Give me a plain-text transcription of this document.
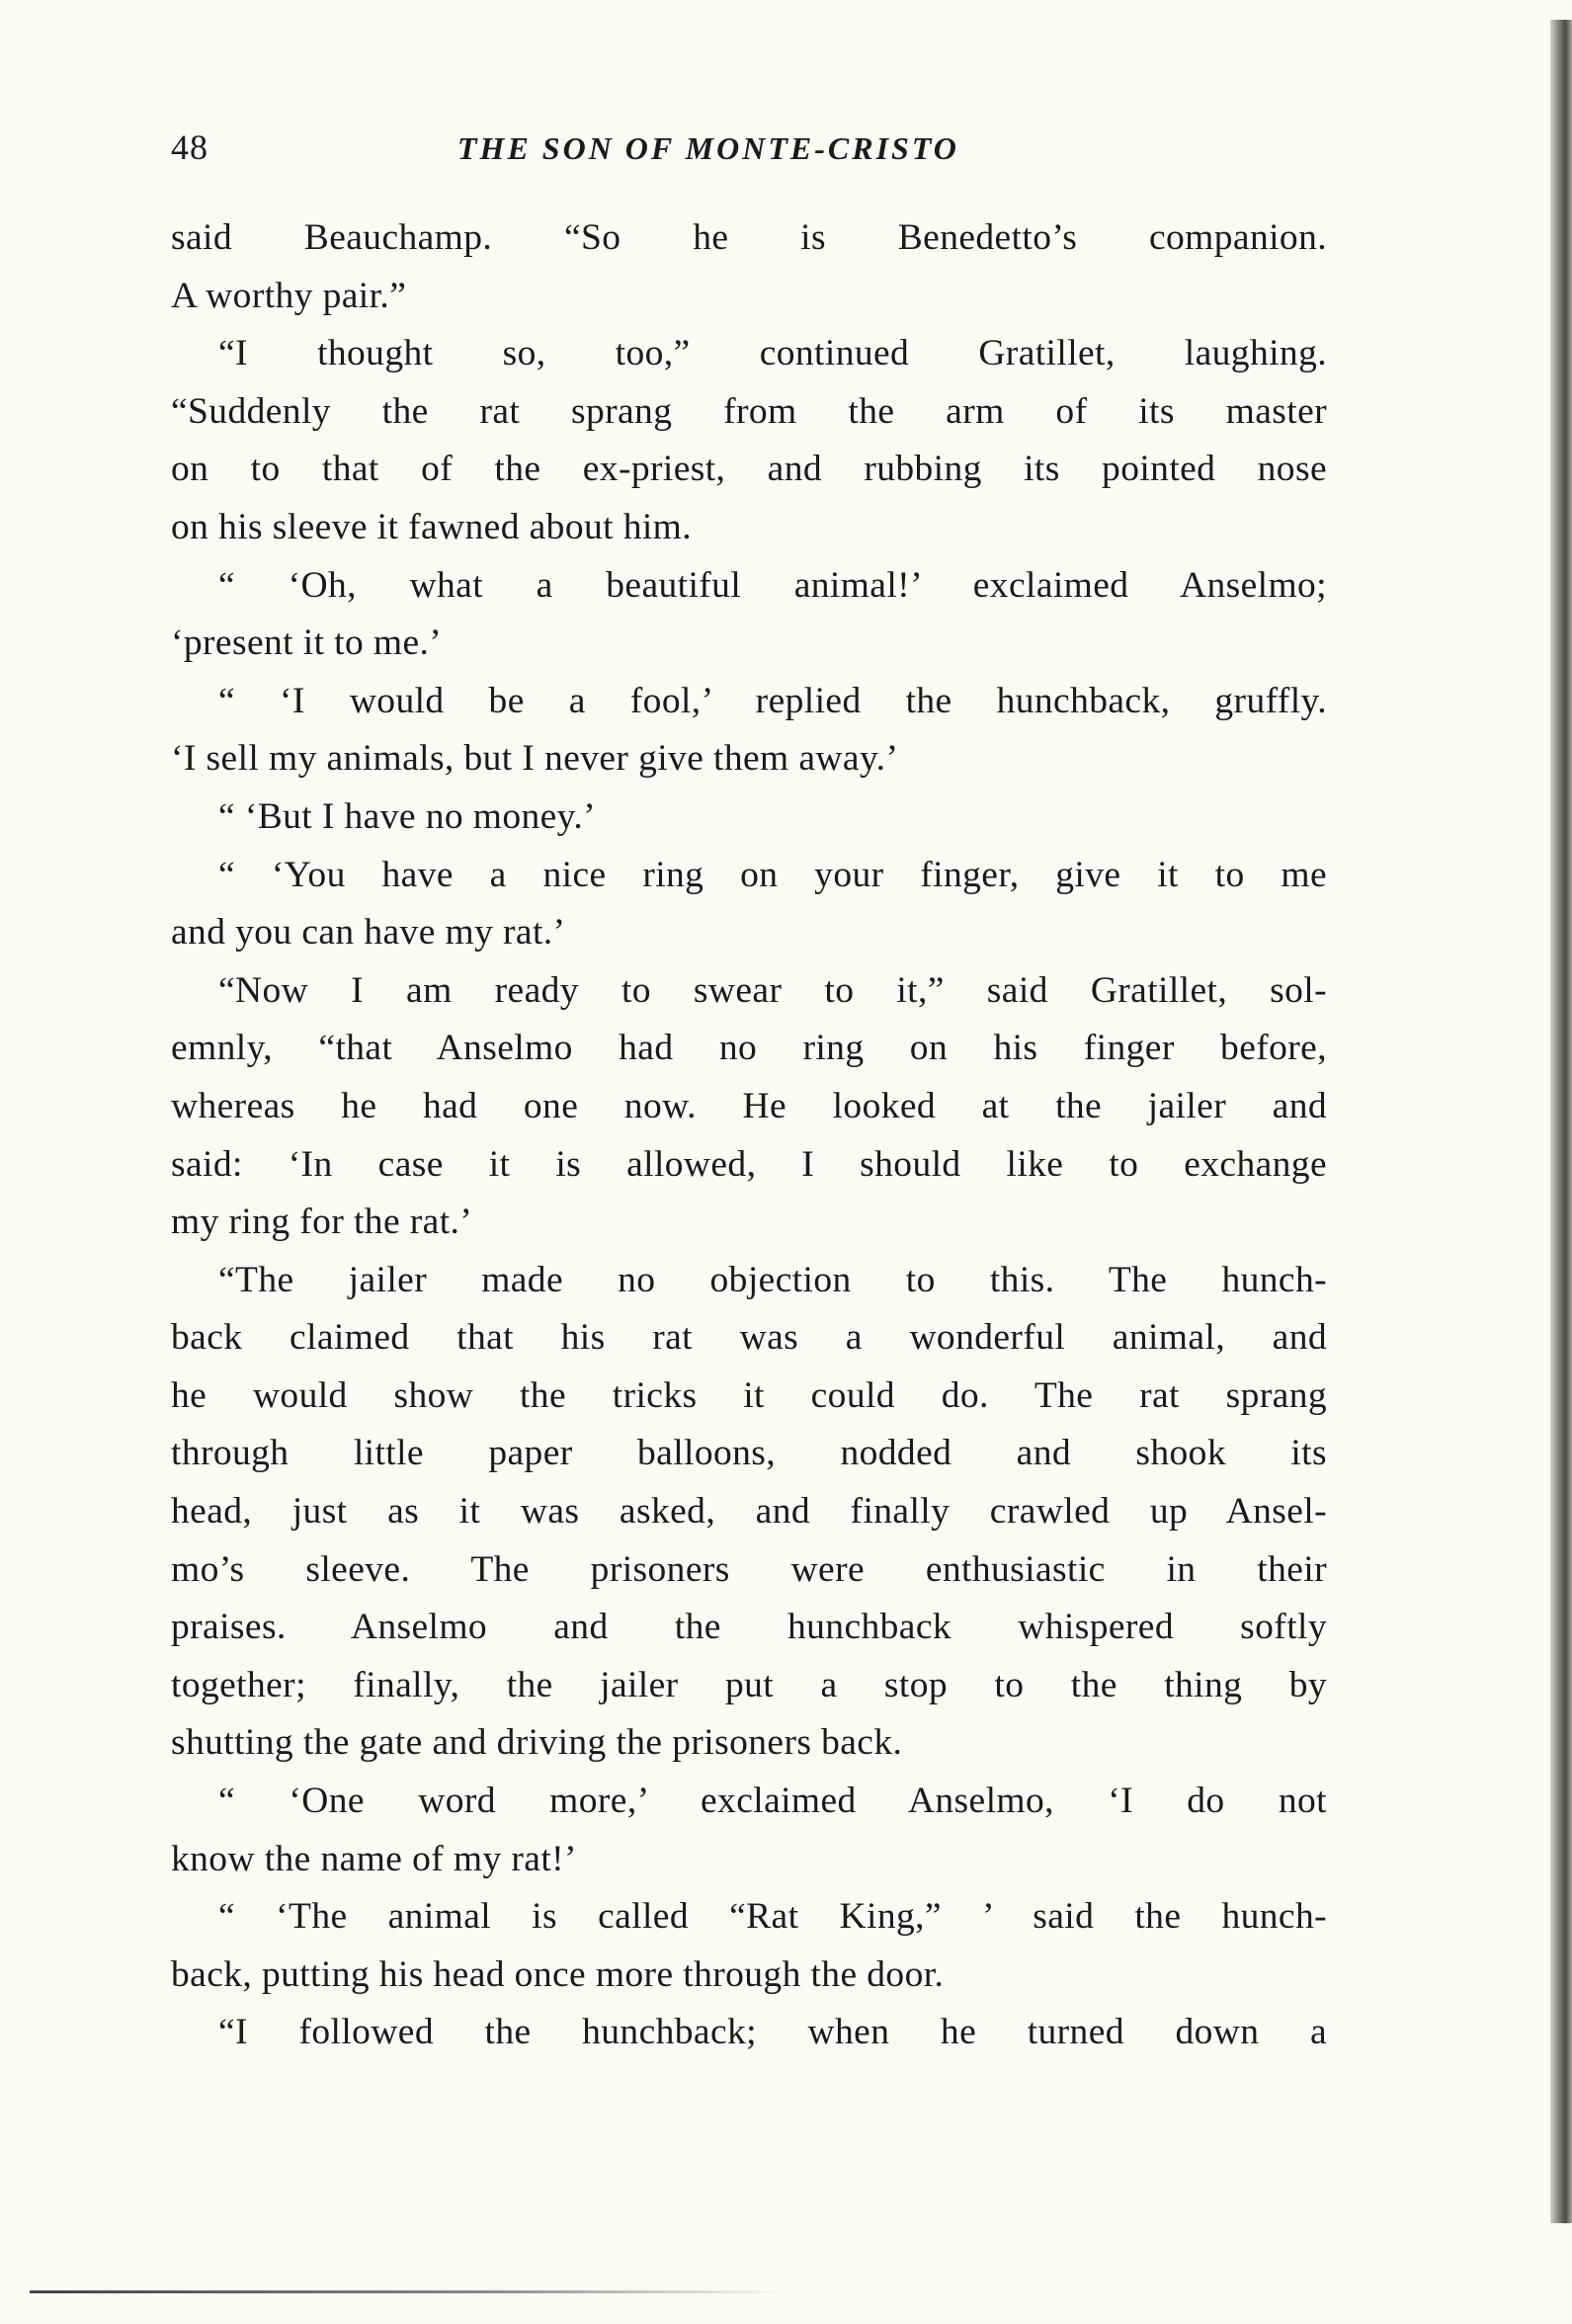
48	THE SON OF MONTE-CRISTO
said Beauchamp. “So he is Benedetto’s companion.
A worthy pair.”
“I thought so, too,” continued Gratillet, laughing.
“Suddenly the rat sprang from the arm of its master
on to that of the ex-priest, and rubbing its pointed nose
on his sleeve it fawned about him.
“ ‘Oh, what a beautiful animal!’ exclaimed Anselmo;
‘present it to me.’
“ ‘I would be a fool,’ replied the hunchback, gruffly.
‘I sell my animals, but I never give them away.’
“ ‘But I have no money.’
“ ‘You have a nice ring on your finger, give it to me
and you can have my rat.’
“Now I am ready to swear to it,” said Gratillet, sol-
emnly, “that Anselmo had no ring on his finger before,
whereas he had one now. He looked at the jailer and
said: ‘In case it is allowed, I should like to exchange
my ring for the rat.’
“The jailer made no objection to this. The hunch-
back claimed that his rat was a wonderful animal, and
he would show the tricks it could do. The rat sprang
through little paper balloons, nodded and shook its
head, just as it was asked, and finally crawled up Ansel-
mo’s sleeve. The prisoners were enthusiastic in their
praises. Anselmo and the hunchback whispered softly
together; finally, the jailer put a stop to the thing by
shutting the gate and driving the prisoners back.
“ ‘One word more,’ exclaimed Anselmo, ‘I do not
know the name of my rat!’
“ ‘The animal is called “Rat King,” ’ said the hunch-
back, putting his head once more through the door.
“I followed the hunchback; when he turned down a
